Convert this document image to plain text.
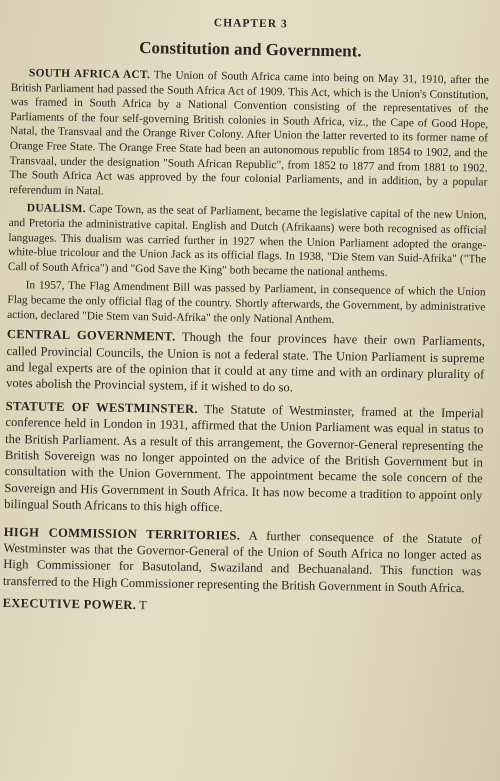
CHAPTER 3
Constitution and Government.

SOUTH AFRICA ACT. The Union of South Africa came into being on May 31, 1910, after the British Parliament had passed the South Africa Act of 1909. This Act, which is the Union's Constitution, was framed in South Africa by a National Convention consisting of the representatives of the Parliaments of the four self-governing British colonies in South Africa, viz., the Cape of Good Hope, Natal, the Transvaal and the Orange River Colony. After Union the latter reverted to its former name of Orange Free State. The Orange Free State had been an autonomous republic from 1854 to 1902, and the Transvaal, under the designation "South African Republic", from 1852 to 1877 and from 1881 to 1902. The South Africa Act was approved by the four colonial Parliaments, and in addition, by a popular referendum in Natal.

DUALISM. Cape Town, as the seat of Parliament, became the legislative capital of the new Union, and Pretoria the administrative capital. English and Dutch (Afrikaans) were both recognised as official languages. This dualism was carried further in 1927 when the Union Parliament adopted the orange-white-blue tricolour and the Union Jack as its official flags. In 1938, "Die Stem van Suid-Afrika" ("The Call of South Africa") and "God Save the King" both became the national anthems.

In 1957, The Flag Amendment Bill was passed by Parliament, in consequence of which the Union Flag became the only official flag of the country. Shortly afterwards, the Government, by administrative action, declared "Die Stem van Suid-Afrika" the only National Anthem.

CENTRAL GOVERNMENT. Though the four provinces have their own Parliaments, called Provincial Councils, the Union is not a federal state. The Union Parliament is supreme and legal experts are of the opinion that it could at any time and with an ordinary plurality of votes abolish the Provincial system, if it wished to do so.

STATUTE OF WESTMINSTER. The Statute of Westminster, framed at the Imperial conference held in London in 1931, affirmed that the Union Parliament was equal in status to the British Parliament. As a result of this arrangement, the Governor-General representing the British Sovereign was no longer appointed on the advice of the British Government but in consultation with the Union Government. The appointment became the sole concern of the Sovereign and His Government in South Africa. It has now become a tradition to appoint only bilingual South Africans to this high office.

HIGH COMMISSION TERRITORIES. A further consequence of the Statute of Westminster was that the Governor-General of the Union of South Africa no longer acted as High Commissioner for Basutoland, Swaziland and Bechuanaland. This function was transferred to the High Commissioner representing the British Government in South Africa.

EXECUTIVE POWER. T
